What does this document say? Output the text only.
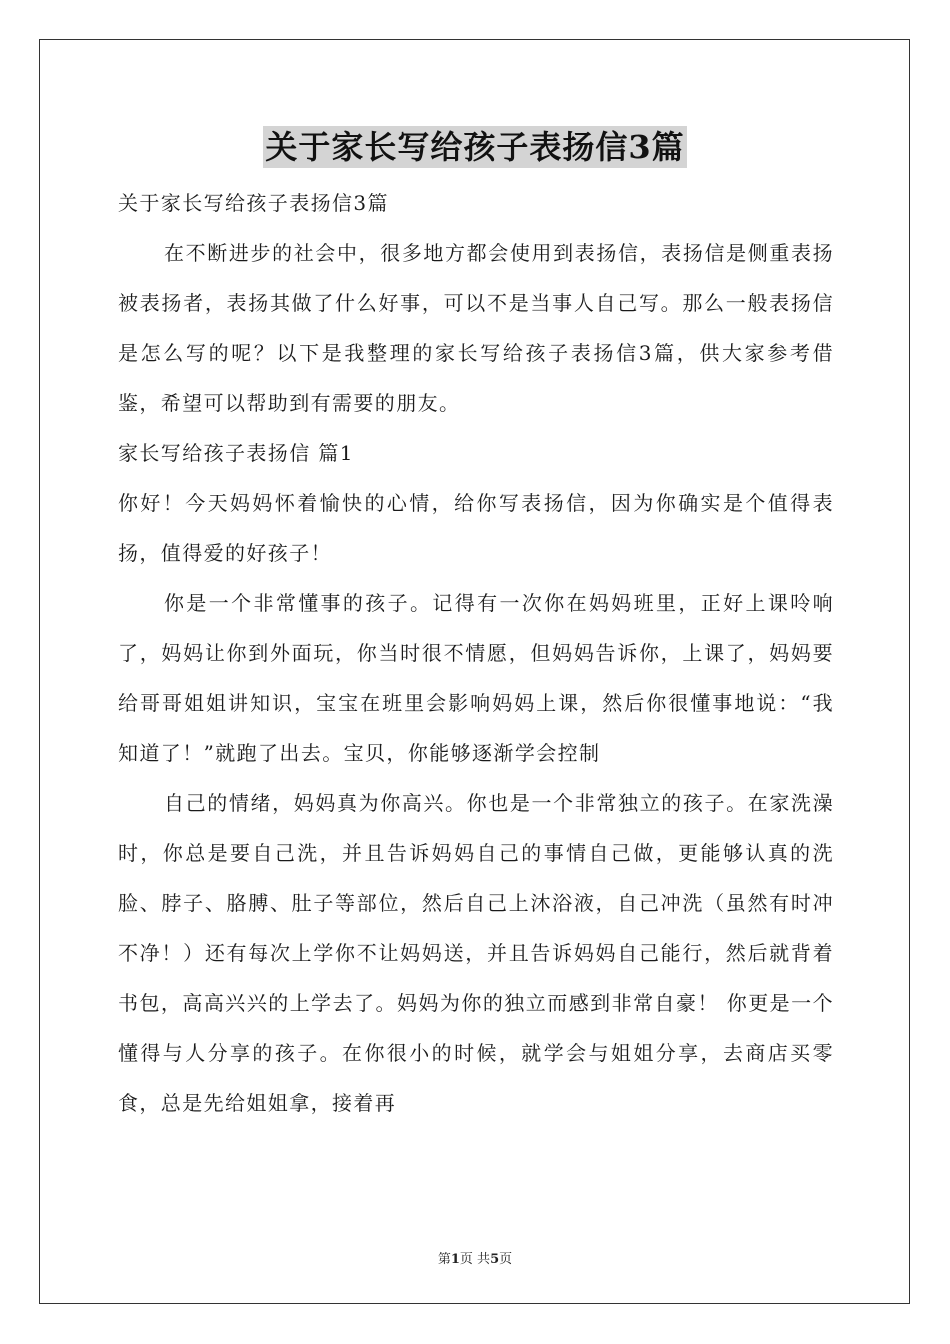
关于家长写给孩子表扬信3篇

关于家长写给孩子表扬信3篇

在不断进步的社会中，很多地方都会使用到表扬信，表扬信是侧重表扬被表扬者，表扬其做了什么好事，可以不是当事人自己写。那么一般表扬信是怎么写的呢？以下是我整理的家长写给孩子表扬信3篇，供大家参考借鉴，希望可以帮助到有需要的朋友。

家长写给孩子表扬信 篇1

你好！今天妈妈怀着愉快的心情，给你写表扬信，因为你确实是个值得表扬，值得爱的好孩子！

你是一个非常懂事的孩子。记得有一次你在妈妈班里，正好上课呤响了，妈妈让你到外面玩，你当时很不情愿，但妈妈告诉你，上课了，妈妈要给哥哥姐姐讲知识，宝宝在班里会影响妈妈上课，然后你很懂事地说：“我知道了！”就跑了出去。宝贝，你能够逐渐学会控制

自己的情绪，妈妈真为你高兴。你也是一个非常独立的孩子。在家洗澡时，你总是要自己洗，并且告诉妈妈自己的事情自己做，更能够认真的洗脸、脖子、胳膊、肚子等部位，然后自己上沐浴液，自己冲洗（虽然有时冲不净！）还有每次上学你不让妈妈送，并且告诉妈妈自己能行，然后就背着书包，高高兴兴的上学去了。妈妈为你的独立而感到非常自豪！ 你更是一个懂得与人分享的孩子。在你很小的时候，就学会与姐姐分享，去商店买零食，总是先给姐姐拿，接着再

第1页 共5页
